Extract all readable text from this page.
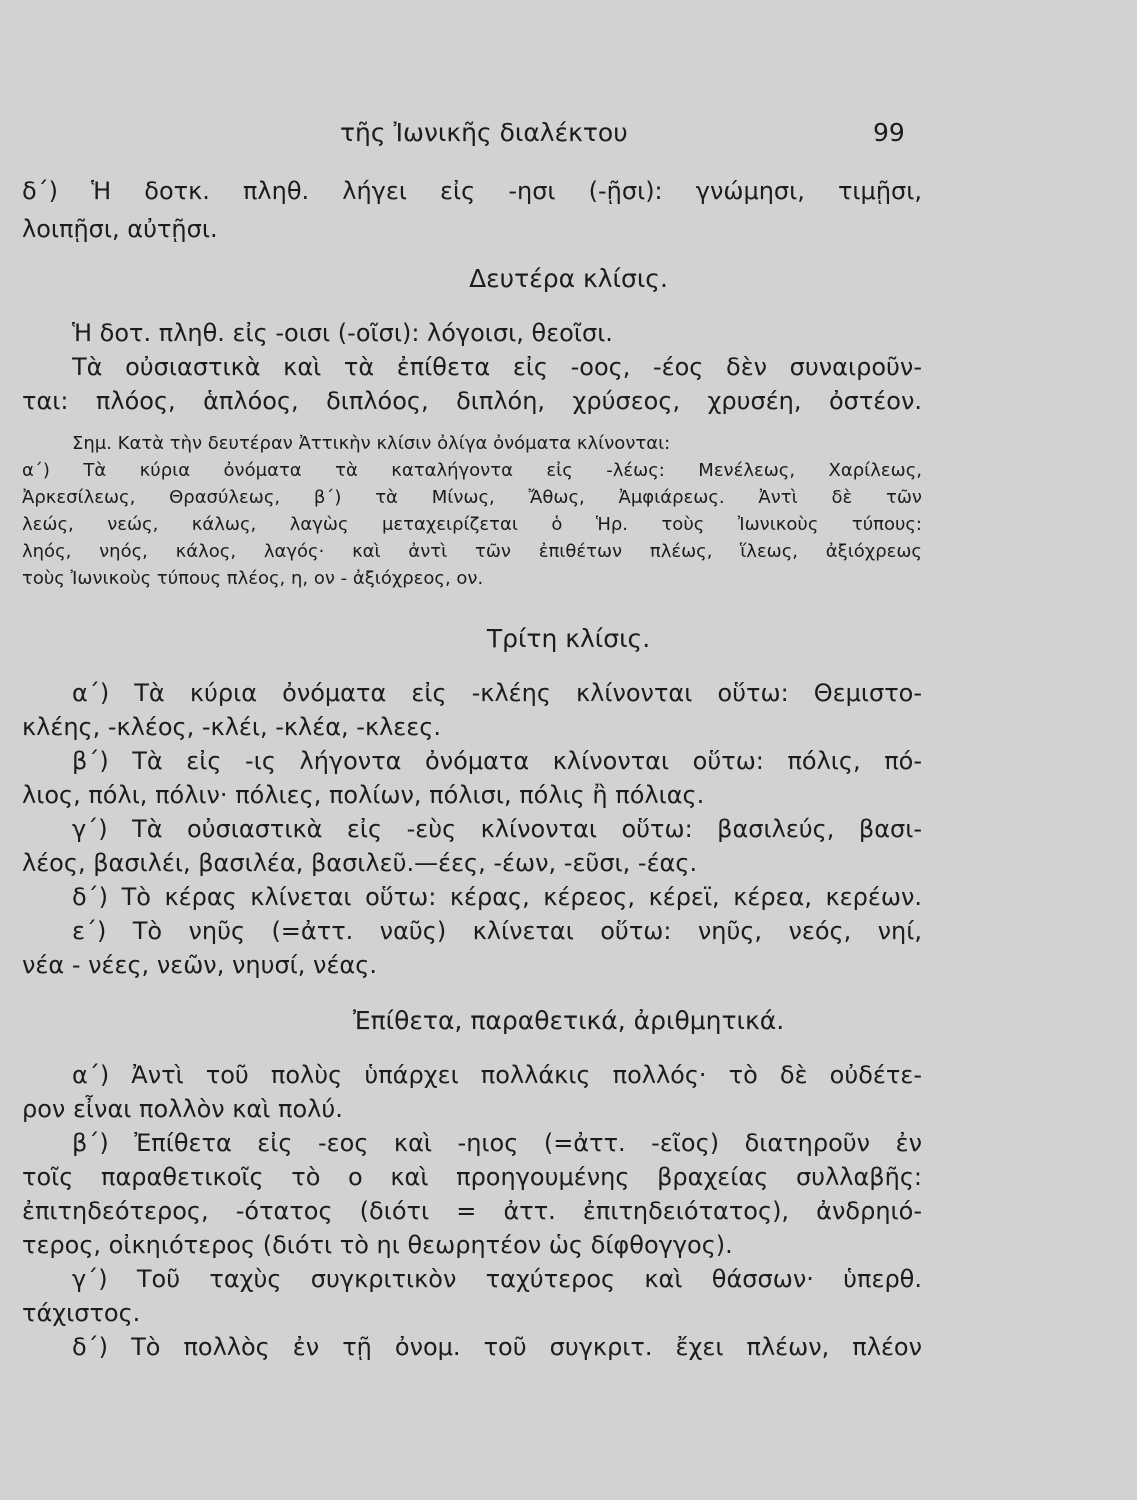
τῆς Ἰωνικῆς διαλέκτου	99
δ΄) Ἡ δοτκ. πληθ. λήγει εἰς -ησι (-ῇσι): γνώμησι, τιμῇσι,
λοιπῇσι, αὐτῇσι.
Δευτέρα κλίσις.
Ἡ δοτ. πληθ. εἰς -οισι (-οῖσι): λόγοισι, θεοῖσι.
Τὰ οὐσιαστικὰ καὶ τὰ ἐπίθετα εἰς -οος, -έος δὲν συναιροῦν-
ται: πλόος, ἁπλόος, διπλόος, διπλόη, χρύσεος, χρυσέη, ὀστέον.
Σημ. Κατὰ τὴν δευτέραν Ἀττικὴν κλίσιν ὀλίγα ὀνόματα κλίνονται:
α΄) Τὰ κύρια ὀνόματα τὰ καταλήγοντα εἰς -λέως: Μενέλεως, Χαρίλεως,
Ἀρκεσίλεως, Θρασύλεως, β΄) τὰ Μίνως, Ἄθως, Ἀμφιάρεως. Ἀντὶ δὲ τῶν
λεώς, νεώς, κάλως, λαγὼς μεταχειρίζεται ὁ Ἡρ. τοὺς Ἰωνικοὺς τύπους:
ληός, νηός, κάλος, λαγός· καὶ ἀντὶ τῶν ἐπιθέτων πλέως, ἵλεως, ἀξιόχρεως
τοὺς Ἰωνικοὺς τύπους πλέος, η, ον - ἀξιόχρεος, ον.
Τρίτη κλίσις.
α΄) Τὰ κύρια ὀνόματα εἰς -κλέης κλίνονται οὕτω: Θεμιστο-
κλέης, -κλέος, -κλέι, -κλέα, -κλεες.
β΄) Τὰ εἰς -ις λήγοντα ὀνόματα κλίνονται οὕτω: πόλις, πό-
λιος, πόλι, πόλιν· πόλιες, πολίων, πόλισι, πόλις ἢ πόλιας.
γ΄) Τὰ οὐσιαστικὰ εἰς -εὺς κλίνονται οὕτω: βασιλεύς, βασι-
λέος, βασιλέι, βασιλέα, βασιλεῦ.—έες, -έων, -εῦσι, -έας.
δ΄) Τὸ κέρας κλίνεται οὕτω: κέρας, κέρεος, κέρεϊ, κέρεα, κερέων.
ε΄) Τὸ νηῦς (=ἀττ. ναῦς) κλίνεται οὕτω: νηῦς, νεός, νηί,
νέα - νέες, νεῶν, νηυσί, νέας.
Ἐπίθετα, παραθετικά, ἀριθμητικά.
α΄) Ἀντὶ τοῦ πολὺς ὑπάρχει πολλάκις πολλός· τὸ δὲ οὐδέτε-
ρον εἶναι πολλὸν καὶ πολύ.
β΄) Ἐπίθετα εἰς -εος καὶ -ηιος (=ἀττ. -εῖος) διατηροῦν ἐν
τοῖς παραθετικοῖς τὸ ο καὶ προηγουμένης βραχείας συλλαβῆς:
ἐπιτηδεότερος, -ότατος (διότι = ἀττ. ἐπιτηδειότατος), ἀνδρηιό-
τερος, οἰκηιότερος (διότι τὸ ηι θεωρητέον ὡς δίφθογγος).
γ΄) Τοῦ ταχὺς συγκριτικὸν ταχύτερος καὶ θάσσων· ὑπερθ.
τάχιστος.
δ΄) Τὸ πολλὸς ἐν τῇ ὀνομ. τοῦ συγκριτ. ἔχει πλέων, πλέον
